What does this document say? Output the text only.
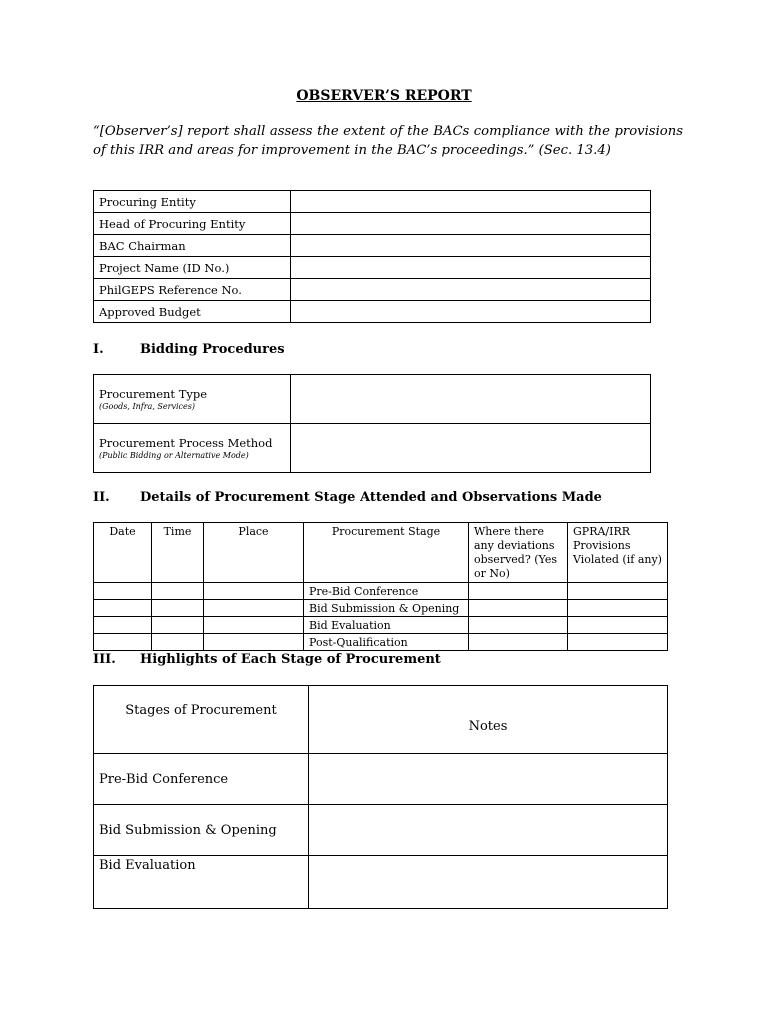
OBSERVER’S REPORT
“[Observer’s] report shall assess the extent of the BACs compliance with the provisions of this IRR and areas for improvement in the BAC’s proceedings.” (Sec. 13.4)
Procuring Entity	
Head of Procuring Entity	
BAC Chairman	
Project Name (ID No.)	
PhilGEPS Reference No.	
Approved Budget	
I.	Bidding Procedures
Procurement Type
(Goods, Infra, Services)	

Procurement Process Method
(Public Bidding or Alternative Mode)	

II. Details of Procurement Stage Attended and Observations Made
Date	Time	Place	Procurement Stage	Where there any deviations observed? (Yes or No)	GPRA/IRR Provisions Violated (if any)
			Pre-Bid Conference		
			Bid Submission & Opening		
			Bid Evaluation		
			Post-Qualification		
III. Highlights of Each Stage of Procurement
Stages of Procurement	Notes
Pre-Bid Conference	
Bid Submission & Opening	
Bid Evaluation	
